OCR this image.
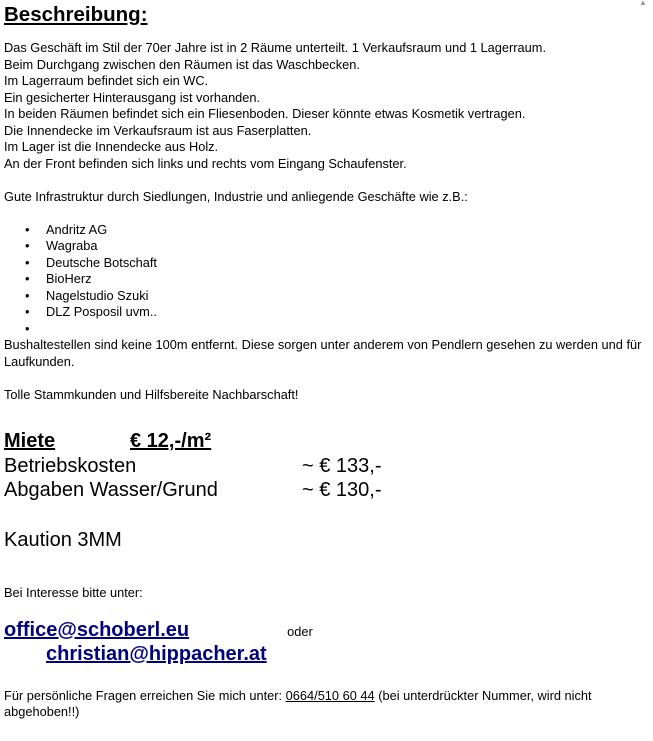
▲
Beschreibung:

Das Geschäft im Stil der 70er Jahre ist in 2 Räume unterteilt. 1 Verkaufsraum und 1 Lagerraum.

Beim Durchgang zwischen den Räumen ist das Waschbecken.

Im Lagerraum befindet sich ein WC.

Ein gesicherter Hinterausgang ist vorhanden.

In beiden Räumen befindet sich ein Fliesenboden. Dieser könnte etwas Kosmetik vertragen.

Die Innendecke im Verkaufsraum ist aus Faserplatten.

Im Lager ist die Innendecke aus Holz.

An der Front befinden sich links und rechts vom Eingang Schaufenster.

Gute Infrastruktur durch Siedlungen, Industrie und anliegende Geschäfte wie z.B.:

• Andritz AG
• Wagraba
• Deutsche Botschaft
• BioHerz
• Nagelstudio Szuki
• DLZ Posposil uvm..
•

Bushaltestellen sind keine 100m entfernt. Diese sorgen unter anderem von Pendlern gesehen zu werden und für Laufkunden.

Tolle Stammkunden und Hilfsbereite Nachbarschaft!

Miete	€ 12,-/m²
Betriebskosten	~ € 133,-
Abgaben Wasser/Grund	~ € 130,-
Kaution 3MM

Bei Interesse bitte unter:

office@schoberl.eu	oder
christian@hippacher.at

Für persönliche Fragen erreichen Sie mich unter: 0664/510 60 44 (bei unterdrückter Nummer, wird nicht abgehoben!!)
